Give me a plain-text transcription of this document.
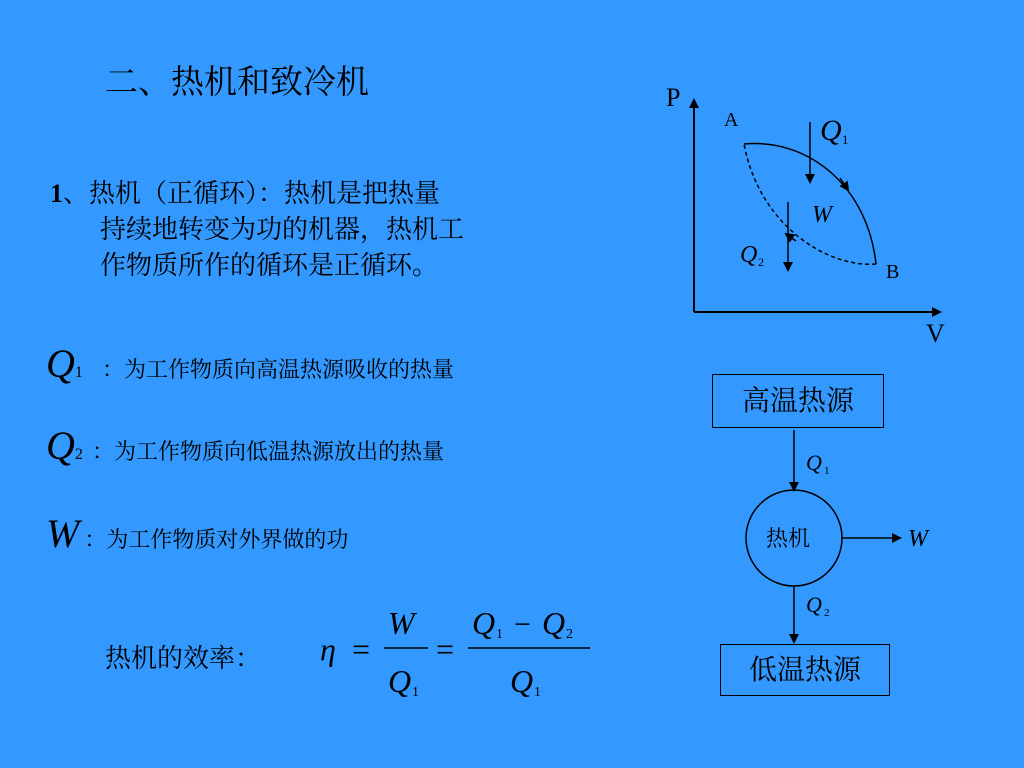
二、热机和致冷机
1、热机（正循环）：热机是把热量
持续地转变为功的机器，热机工
作物质所作的循环是正循环。
Q1 ：为工作物质向高温热源吸收的热量
Q2 ：为工作物质向低温热源放出的热量
W ：为工作物质对外界做的功
热机的效率： η =
W
Q 1
=
Q 1 − Q 2
Q 1
P
V
A
B
Q 1
Q 2
W
高温热源
低温热源
Q 1
热机	W
Q 2
